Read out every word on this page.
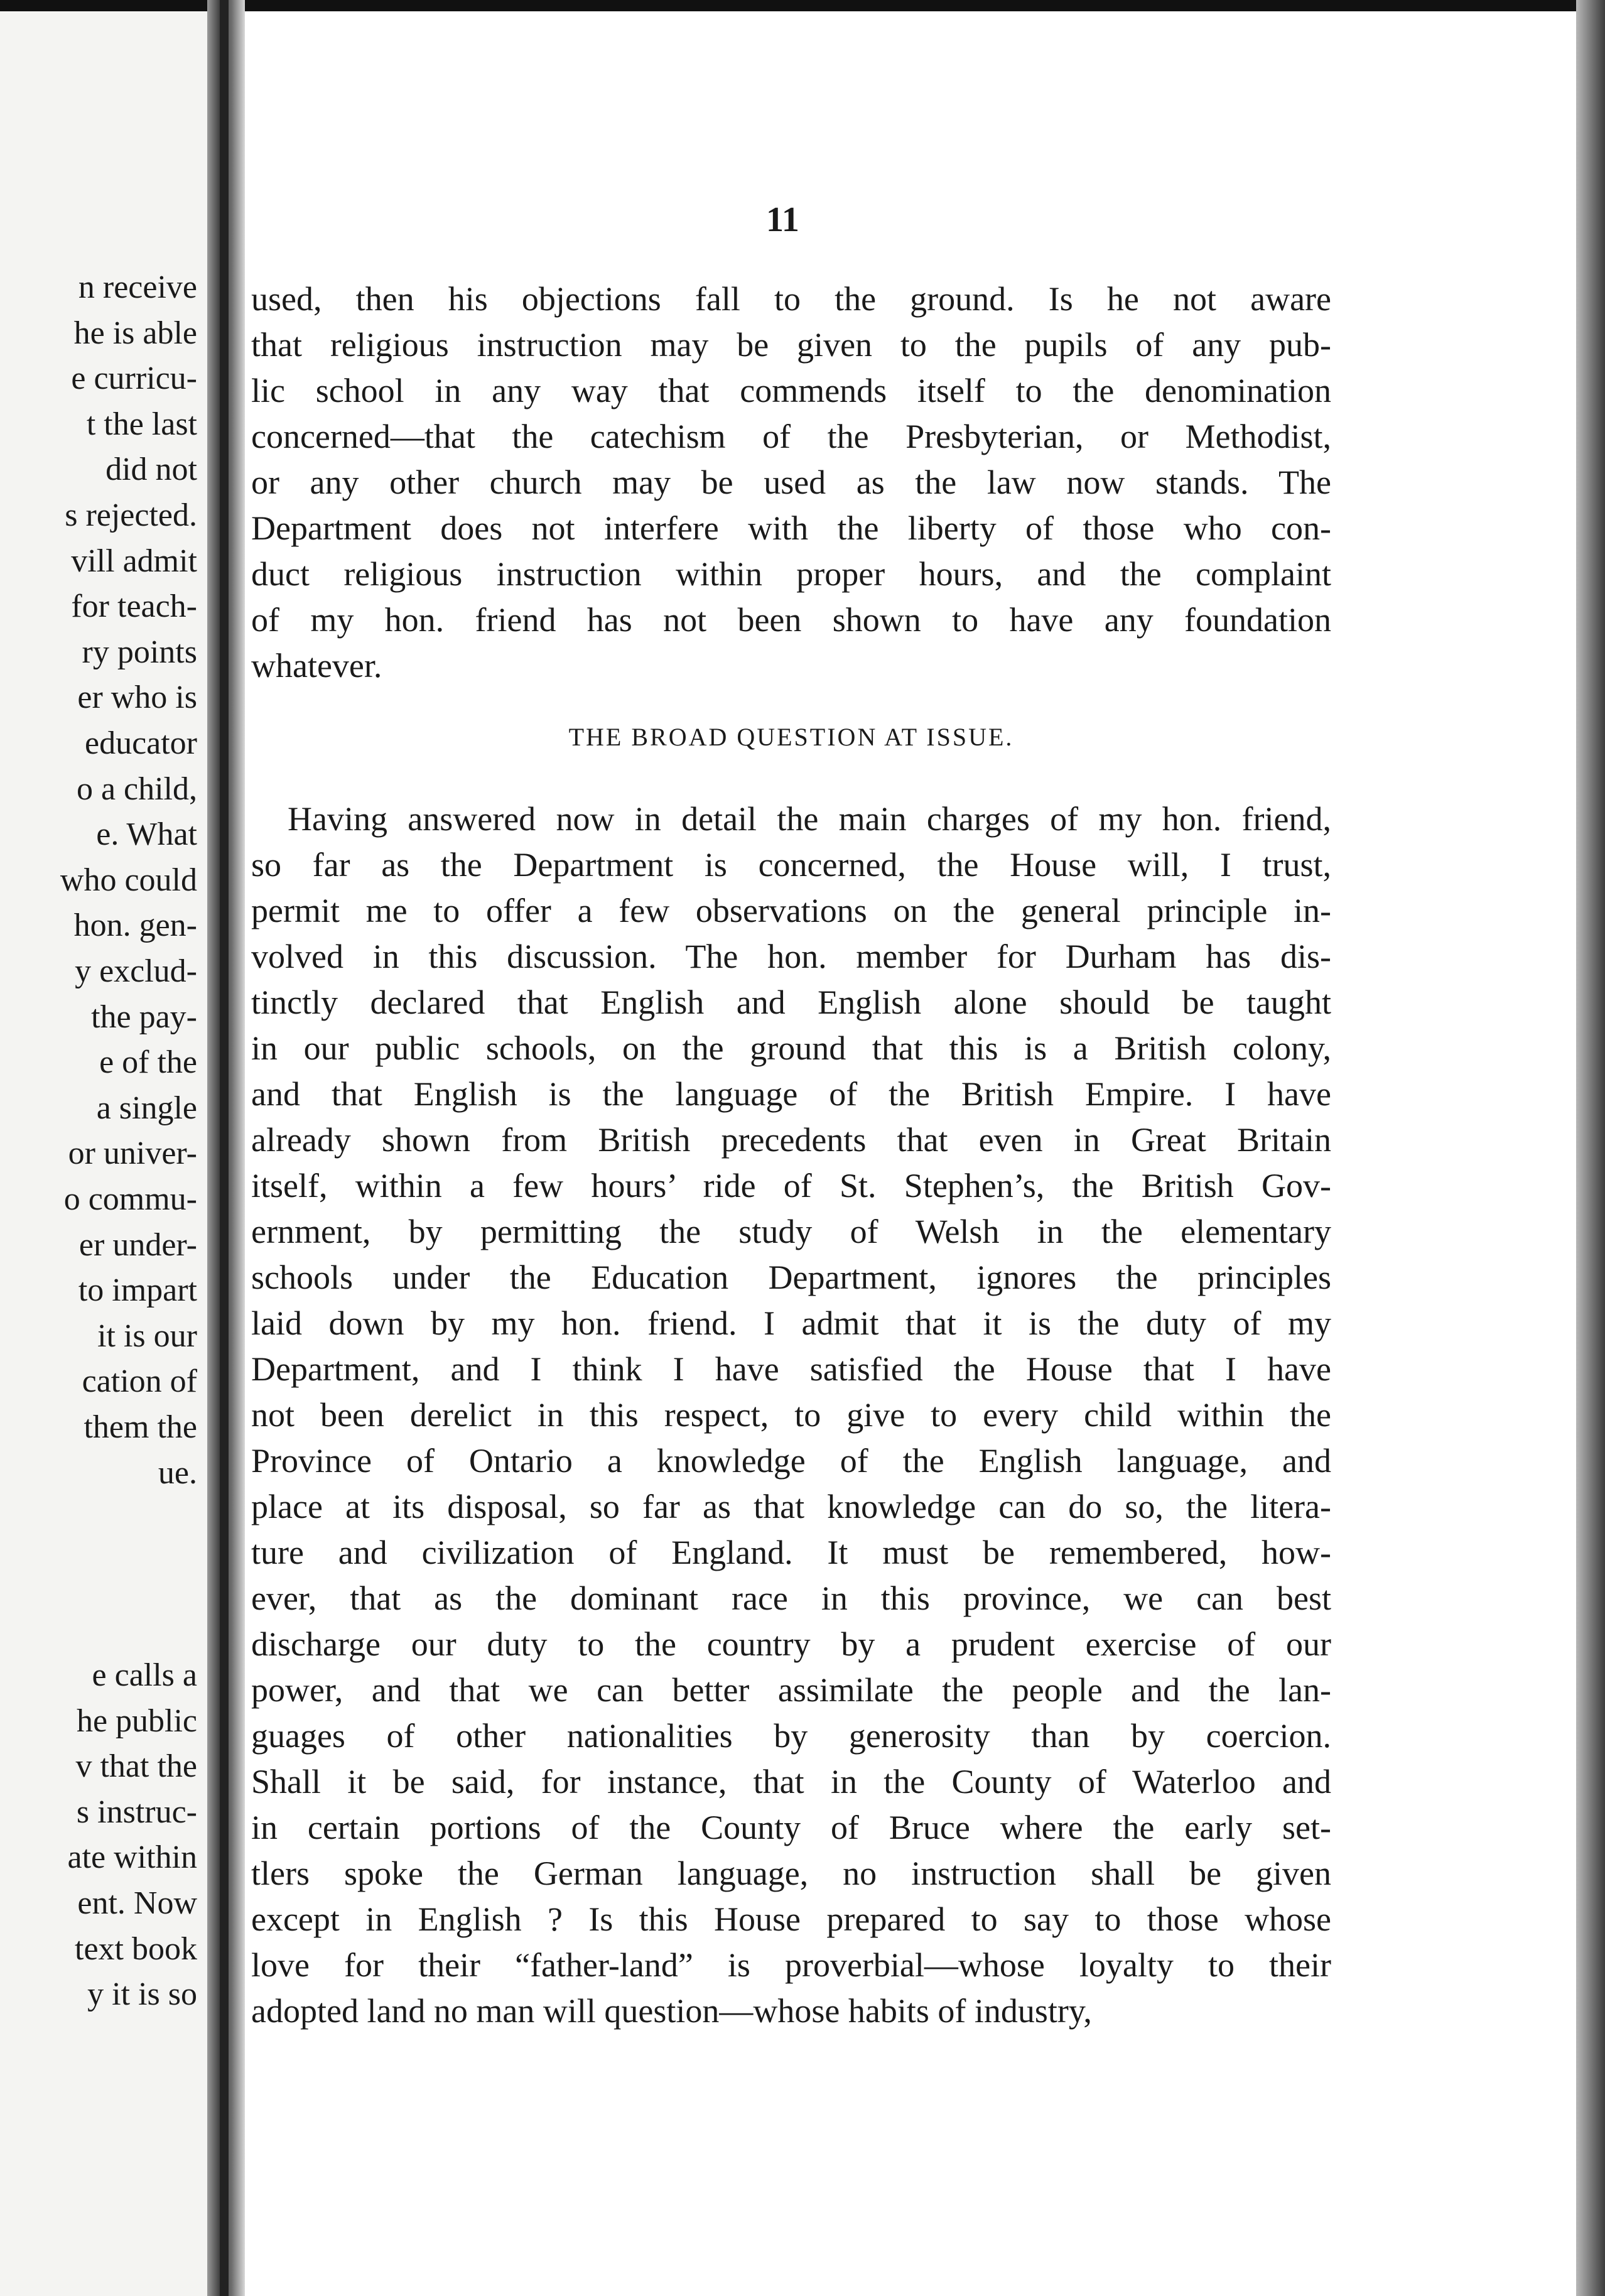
n receive
he is able
e curricu-
t the last
did not
s rejected.
vill admit
for teach-
ry points
er who is
educator
o a child,
e. What
who could
hon. gen-
y exclud-
the pay-
e of the
a single
or univer-
o commu-
er under-
to impart
it is our
cation of
them the
ue.
e calls a
he public
v that the
s instruc-
ate within
ent. Now
text book
y it is so
11
used, then his objections fall to the ground. Is he not aware
that religious instruction may be given to the pupils of any pub-
lic school in any way that commends itself to the denomination
concerned—that the catechism of the Presbyterian, or Methodist,
or any other church may be used as the law now stands. The
Department does not interfere with the liberty of those who con-
duct religious instruction within proper hours, and the complaint
of my hon. friend has not been shown to have any foundation
whatever.
THE BROAD QUESTION AT ISSUE.
Having answered now in detail the main charges of my hon. friend,
so far as the Department is concerned, the House will, I trust,
permit me to offer a few observations on the general principle in-
volved in this discussion. The hon. member for Durham has dis-
tinctly declared that English and English alone should be taught
in our public schools, on the ground that this is a British colony,
and that English is the language of the British Empire. I have
already shown from British precedents that even in Great Britain
itself, within a few hours’ ride of St. Stephen’s, the British Gov-
ernment, by permitting the study of Welsh in the elementary
schools under the Education Department, ignores the principles
laid down by my hon. friend. I admit that it is the duty of my
Department, and I think I have satisfied the House that I have
not been derelict in this respect, to give to every child within the
Province of Ontario a knowledge of the English language, and
place at its disposal, so far as that knowledge can do so, the litera-
ture and civilization of England. It must be remembered, how-
ever, that as the dominant race in this province, we can best
discharge our duty to the country by a prudent exercise of our
power, and that we can better assimilate the people and the lan-
guages of other nationalities by generosity than by coercion.
Shall it be said, for instance, that in the County of Waterloo and
in certain portions of the County of Bruce where the early set-
tlers spoke the German language, no instruction shall be given
except in English ? Is this House prepared to say to those whose
love for their “father-land” is proverbial—whose loyalty to their
adopted land no man will question—whose habits of industry,
